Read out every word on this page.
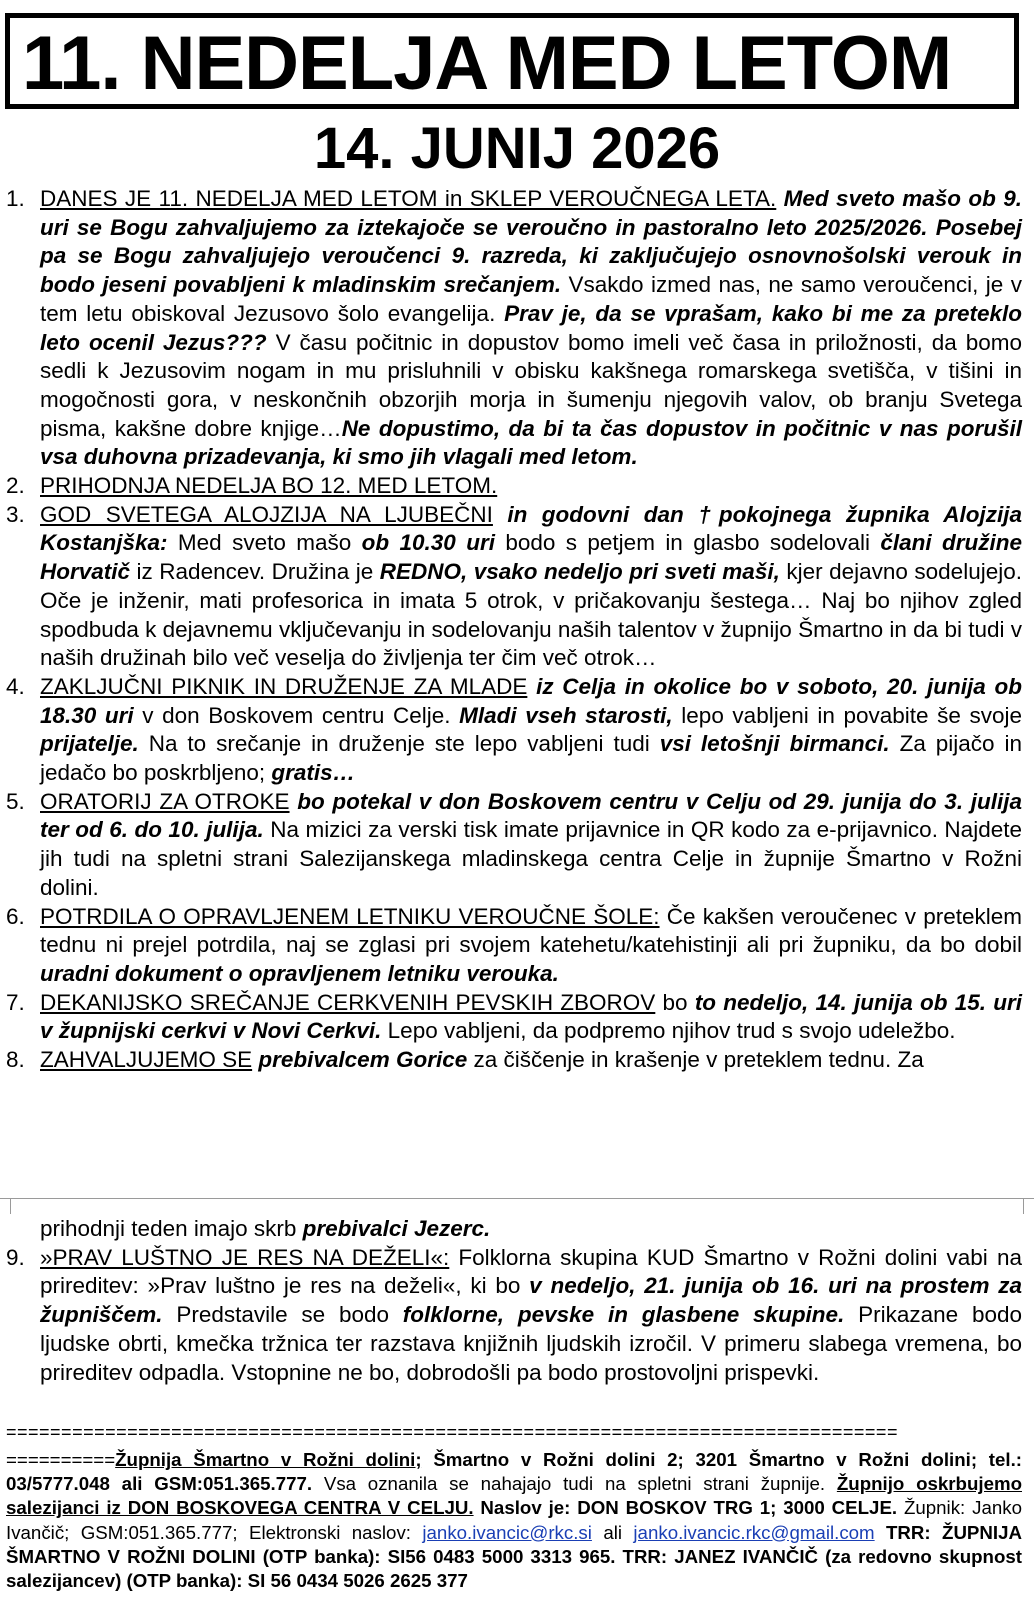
11. NEDELJA MED LETOM
14. JUNIJ 2026
1. DANES JE 11. NEDELJA MED LETOM in SKLEP VEROUČNEGA LETA. Med sveto mašo ob 9. uri se Bogu zahvaljujemo za iztekajoče se veroučno in pastoralno leto 2025/2026. Posebej pa se Bogu zahvaljujejo veroučenci 9. razreda, ki zaključujejo osnovnošolski verouk in bodo jeseni povabljeni k mladinskim srečanjem. Vsakdo izmed nas, ne samo veroučenci, je v tem letu obiskoval Jezusovo šolo evangelija. Prav je, da se vprašam, kako bi me za preteklo leto ocenil Jezus??? V času počitnic in dopustov bomo imeli več časa in priložnosti, da bomo sedli k Jezusovim nogam in mu prisluhnili v obisku kakšnega romarskega svetišča, v tišini in mogočnosti gora, v neskončnih obzorjih morja in šumenju njegovih valov, ob branju Svetega pisma, kakšne dobre knjige…Ne dopustimo, da bi ta čas dopustov in počitnic v nas porušil vsa duhovna prizadevanja, ki smo jih vlagali med letom.
2. PRIHODNJA NEDELJA BO 12. MED LETOM.
3. GOD SVETEGA ALOJZIJA NA LJUBEČNI in godovni dan †pokojnega župnika Alojzija Kostanjška: Med sveto mašo ob 10.30 uri bodo s petjem in glasbo sodelovali člani družine Horvatič iz Radencev. Družina je REDNO, vsako nedeljo pri sveti maši, kjer dejavno sodelujejo. Oče je inženir, mati profesorica in imata 5 otrok, v pričakovanju šestega… Naj bo njihov zgled spodbuda k dejavnemu vključevanju in sodelovanju naših talentov v župnijo Šmartno in da bi tudi v naših družinah bilo več veselja do življenja ter čim več otrok…
4. ZAKLJUČNI PIKNIK IN DRUŽENJE ZA MLADE iz Celja in okolice bo v soboto, 20. junija ob 18.30 uri v don Boskovem centru Celje. Mladi vseh starosti, lepo vabljeni in povabite še svoje prijatelje. Na to srečanje in druženje ste lepo vabljeni tudi vsi letošnji birmanci. Za pijačo in jedačo bo poskrbljeno; gratis…
5. ORATORIJ ZA OTROKE bo potekal v don Boskovem centru v Celju od 29. junija do 3. julija ter od 6. do 10. julija. Na mizici za verski tisk imate prijavnice in QR kodo za e-prijavnico. Najdete jih tudi na spletni strani Salezijanskega mladinskega centra Celje in župnije Šmartno v Rožni dolini.
6. POTRDILA O OPRAVLJENEM LETNIKU VEROUČNE ŠOLE: Če kakšen veroučenec v preteklem tednu ni prejel potrdila, naj se zglasi pri svojem katehetu/katehistinji ali pri župniku, da bo dobil uradni dokument o opravljenem letniku verouka.
7. DEKANIJSKO SREČANJE CERKVENIH PEVSKIH ZBOROV bo to nedeljo, 14. junija ob 15. uri v župnijski cerkvi v Novi Cerkvi. Lepo vabljeni, da podpremo njihov trud s svojo udeležbo.
8. ZAHVALJUJEMO SE prebivalcem Gorice za čiščenje in krašenje v preteklem tednu. Za
prihodnji teden imajo skrb prebivalci Jezerc.
9. »PRAV LUŠTNO JE RES NA DEŽELI«: Folklorna skupina KUD Šmartno v Rožni dolini vabi na prireditev: »Prav luštno je res na deželi«, ki bo v nedeljo, 21. junija ob 16. uri na prostem za župniščem. Predstavile se bodo folklorne, pevske in glasbene skupine. Prikazane bodo ljudske obrti, kmečka tržnica ter razstava knjižnih ljudskih izročil. V primeru slabega vremena, bo prireditev odpadla. Vstopnine ne bo, dobrodošli pa bodo prostovoljni prispevki.
=================================================================================
==========Župnija Šmartno v Rožni dolini; Šmartno v Rožni dolini 2; 3201 Šmartno v Rožni dolini; tel.: 03/5777.048 ali GSM:051.365.777. Vsa oznanila se nahajajo tudi na spletni strani župnije. Župnijo oskrbujemo salezijanci iz DON BOSKOVEGA CENTRA V CELJU. Naslov je: DON BOSKOV TRG 1; 3000 CELJE. Župnik: Janko Ivančič; GSM:051.365.777; Elektronski naslov: janko.ivancic@rkc.si ali janko.ivancic.rkc@gmail.com TRR: ŽUPNIJA ŠMARTNO V ROŽNI DOLINI (OTP banka): SI56 0483 5000 3313 965. TRR: JANEZ IVANČIČ (za redovno skupnost salezijancev) (OTP banka): SI 56 0434 5026 2625 377
